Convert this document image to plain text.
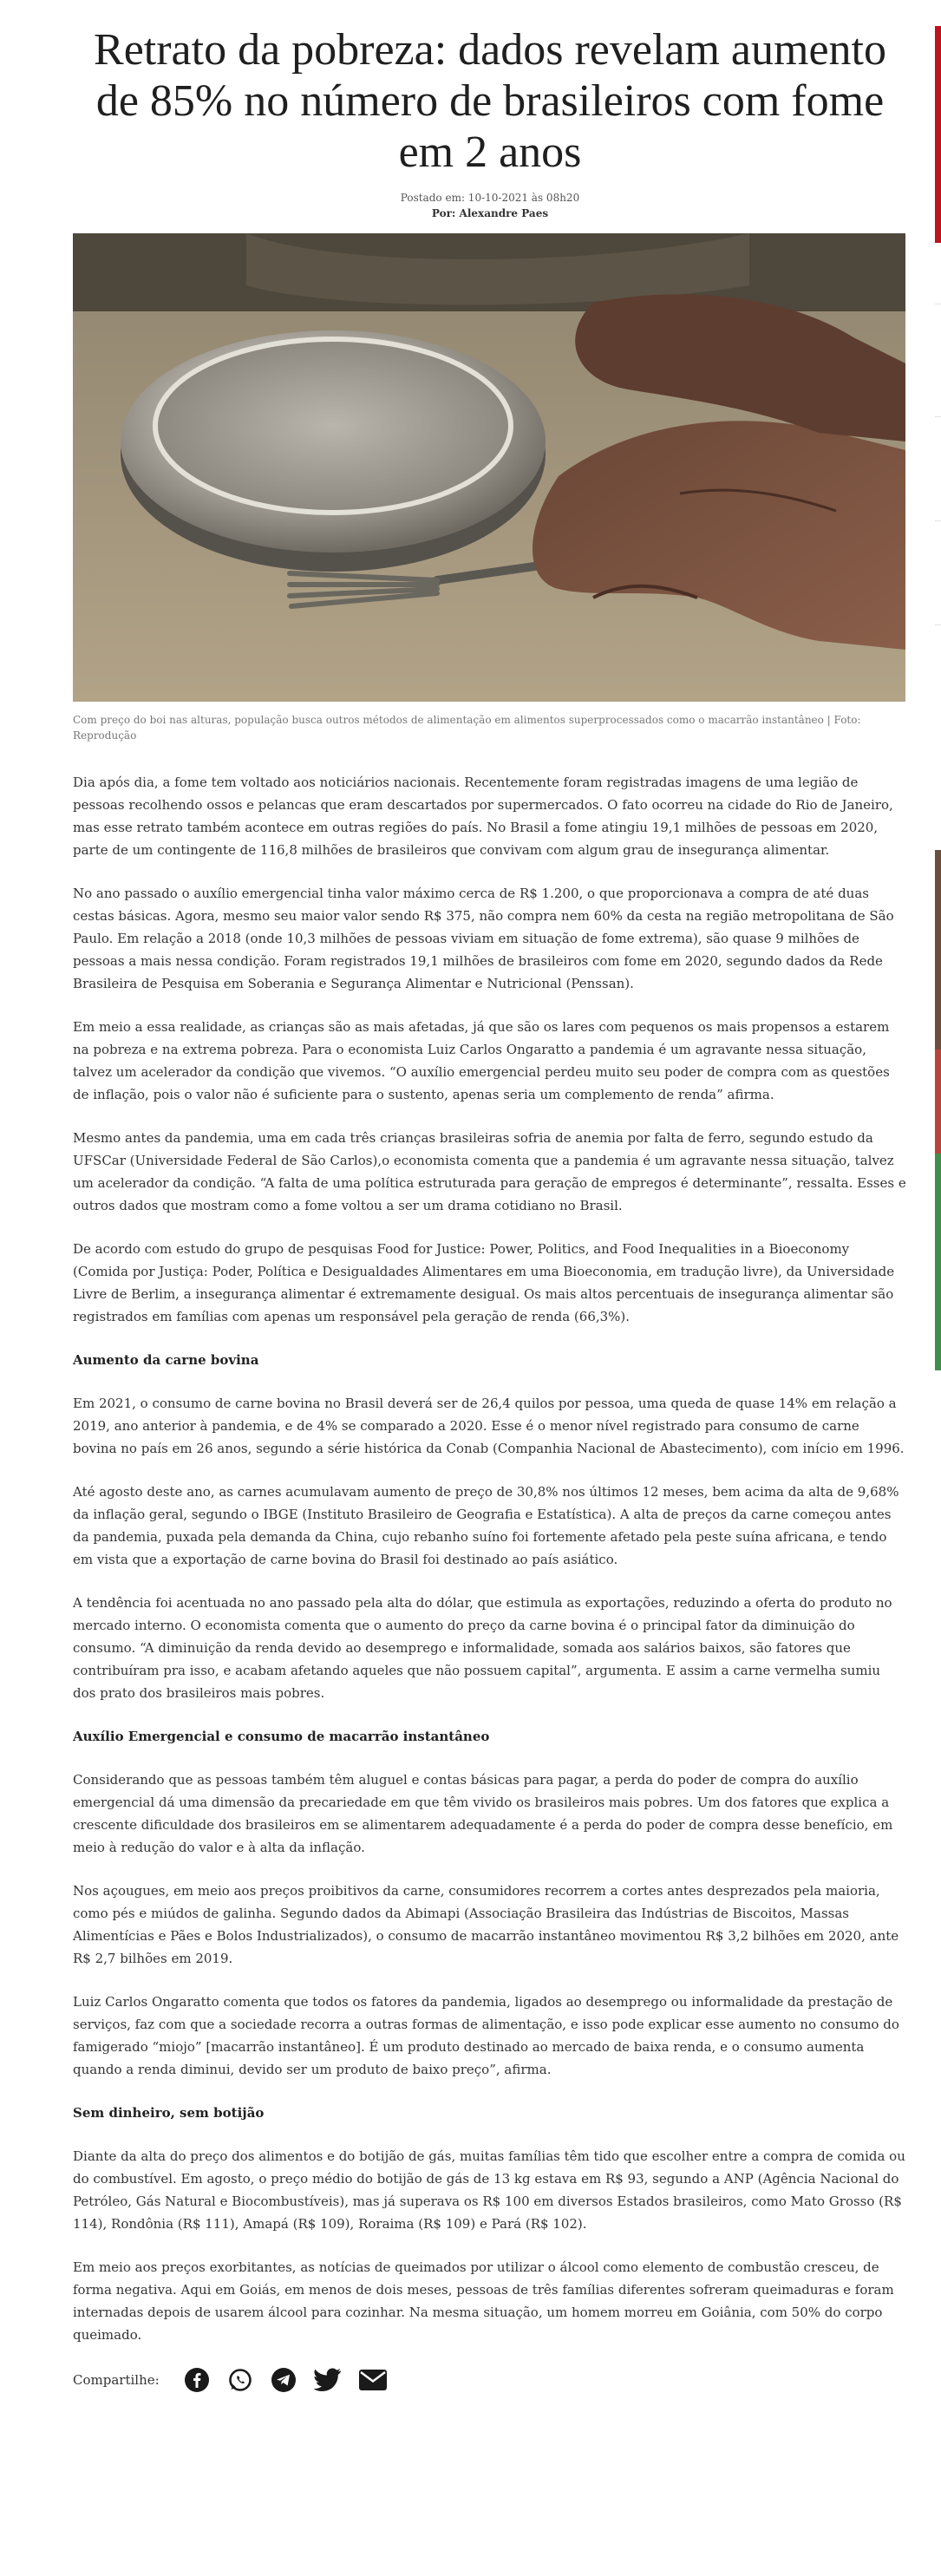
Retrato da pobreza: dados revelam aumento de 85% no número de brasileiros com fome em 2 anos
Postado em: 10-10-2021 às 08h20
Por: Alexandre Paes
Com preço do boi nas alturas, população busca outros métodos de alimentação em alimentos superprocessados como o macarrão instantâneo | Foto: Reprodução

Dia após dia, a fome tem voltado aos noticiários nacionais. Recentemente foram registradas imagens de uma legião de pessoas recolhendo ossos e pelancas que eram descartados por supermercados. O fato ocorreu na cidade do Rio de Janeiro, mas esse retrato também acontece em outras regiões do país. No Brasil a fome atingiu 19,1 milhões de pessoas em 2020, parte de um contingente de 116,8 milhões de brasileiros que convivam com algum grau de insegurança alimentar.

No ano passado o auxílio emergencial tinha valor máximo cerca de R$ 1.200, o que proporcionava a compra de até duas cestas básicas. Agora, mesmo seu maior valor sendo R$ 375, não compra nem 60% da cesta na região metropolitana de São Paulo. Em relação a 2018 (onde 10,3 milhões de pessoas viviam em situação de fome extrema), são quase 9 milhões de pessoas a mais nessa condição. Foram registrados 19,1 milhões de brasileiros com fome em 2020, segundo dados da Rede Brasileira de Pesquisa em Soberania e Segurança Alimentar e Nutricional (Penssan).

Em meio a essa realidade, as crianças são as mais afetadas, já que são os lares com pequenos os mais propensos a estarem na pobreza e na extrema pobreza. Para o economista Luiz Carlos Ongaratto a pandemia é um agravante nessa situação, talvez um acelerador da condição que vivemos. “O auxílio emergencial perdeu muito seu poder de compra com as questões de inflação, pois o valor não é suficiente para o sustento, apenas seria um complemento de renda” afirma.

Mesmo antes da pandemia, uma em cada três crianças brasileiras sofria de anemia por falta de ferro, segundo estudo da UFSCar (Universidade Federal de São Carlos),o economista comenta que a pandemia é um agravante nessa situação, talvez um acelerador da condição. “A falta de uma política estruturada para geração de empregos é determinante”, ressalta. Esses e outros dados que mostram como a fome voltou a ser um drama cotidiano no Brasil.

De acordo com estudo do grupo de pesquisas Food for Justice: Power, Politics, and Food Inequalities in a Bioeconomy (Comida por Justiça: Poder, Política e Desigualdades Alimentares em uma Bioeconomia, em tradução livre), da Universidade Livre de Berlim, a insegurança alimentar é extremamente desigual. Os mais altos percentuais de insegurança alimentar são registrados em famílias com apenas um responsável pela geração de renda (66,3%).

Aumento da carne bovina

Em 2021, o consumo de carne bovina no Brasil deverá ser de 26,4 quilos por pessoa, uma queda de quase 14% em relação a 2019, ano anterior à pandemia, e de 4% se comparado a 2020. Esse é o menor nível registrado para consumo de carne bovina no país em 26 anos, segundo a série histórica da Conab (Companhia Nacional de Abastecimento), com início em 1996.

Até agosto deste ano, as carnes acumulavam aumento de preço de 30,8% nos últimos 12 meses, bem acima da alta de 9,68% da inflação geral, segundo o IBGE (Instituto Brasileiro de Geografia e Estatística). A alta de preços da carne começou antes da pandemia, puxada pela demanda da China, cujo rebanho suíno foi fortemente afetado pela peste suína africana, e tendo em vista que a exportação de carne bovina do Brasil foi destinado ao país asiático.

A tendência foi acentuada no ano passado pela alta do dólar, que estimula as exportações, reduzindo a oferta do produto no mercado interno. O economista comenta que o aumento do preço da carne bovina é o principal fator da diminuição do consumo. “A diminuição da renda devido ao desemprego e informalidade, somada aos salários baixos, são fatores que contribuíram pra isso, e acabam afetando aqueles que não possuem capital”, argumenta. E assim a carne vermelha sumiu dos prato dos brasileiros mais pobres.

Auxílio Emergencial e consumo de macarrão instantâneo

Considerando que as pessoas também têm aluguel e contas básicas para pagar, a perda do poder de compra do auxílio emergencial dá uma dimensão da precariedade em que têm vivido os brasileiros mais pobres. Um dos fatores que explica a crescente dificuldade dos brasileiros em se alimentarem adequadamente é a perda do poder de compra desse benefício, em meio à redução do valor e à alta da inflação.

Nos açougues, em meio aos preços proibitivos da carne, consumidores recorrem a cortes antes desprezados pela maioria, como pés e miúdos de galinha. Segundo dados da Abimapi (Associação Brasileira das Indústrias de Biscoitos, Massas Alimentícias e Pães e Bolos Industrializados), o consumo de macarrão instantâneo movimentou R$ 3,2 bilhões em 2020, ante R$ 2,7 bilhões em 2019.

Luiz Carlos Ongaratto comenta que todos os fatores da pandemia, ligados ao desemprego ou informalidade da prestação de serviços, faz com que a sociedade recorra a outras formas de alimentação, e isso pode explicar esse aumento no consumo do famigerado “miojo” [macarrão instantâneo]. É um produto destinado ao mercado de baixa renda, e o consumo aumenta quando a renda diminui, devido ser um produto de baixo preço”, afirma.

Sem dinheiro, sem botijão

Diante da alta do preço dos alimentos e do botijão de gás, muitas famílias têm tido que escolher entre a compra de comida ou do combustível. Em agosto, o preço médio do botijão de gás de 13 kg estava em R$ 93, segundo a ANP (Agência Nacional do Petróleo, Gás Natural e Biocombustíveis), mas já superava os R$ 100 em diversos Estados brasileiros, como Mato Grosso (R$ 114), Rondônia (R$ 111), Amapá (R$ 109), Roraima (R$ 109) e Pará (R$ 102).

Em meio aos preços exorbitantes, as notícias de queimados por utilizar o álcool como elemento de combustão cresceu, de forma negativa. Aqui em Goiás, em menos de dois meses, pessoas de três famílias diferentes sofreram queimaduras e foram internadas depois de usarem álcool para cozinhar. Na mesma situação, um homem morreu em Goiânia, com 50% do corpo queimado.

Compartilhe:
